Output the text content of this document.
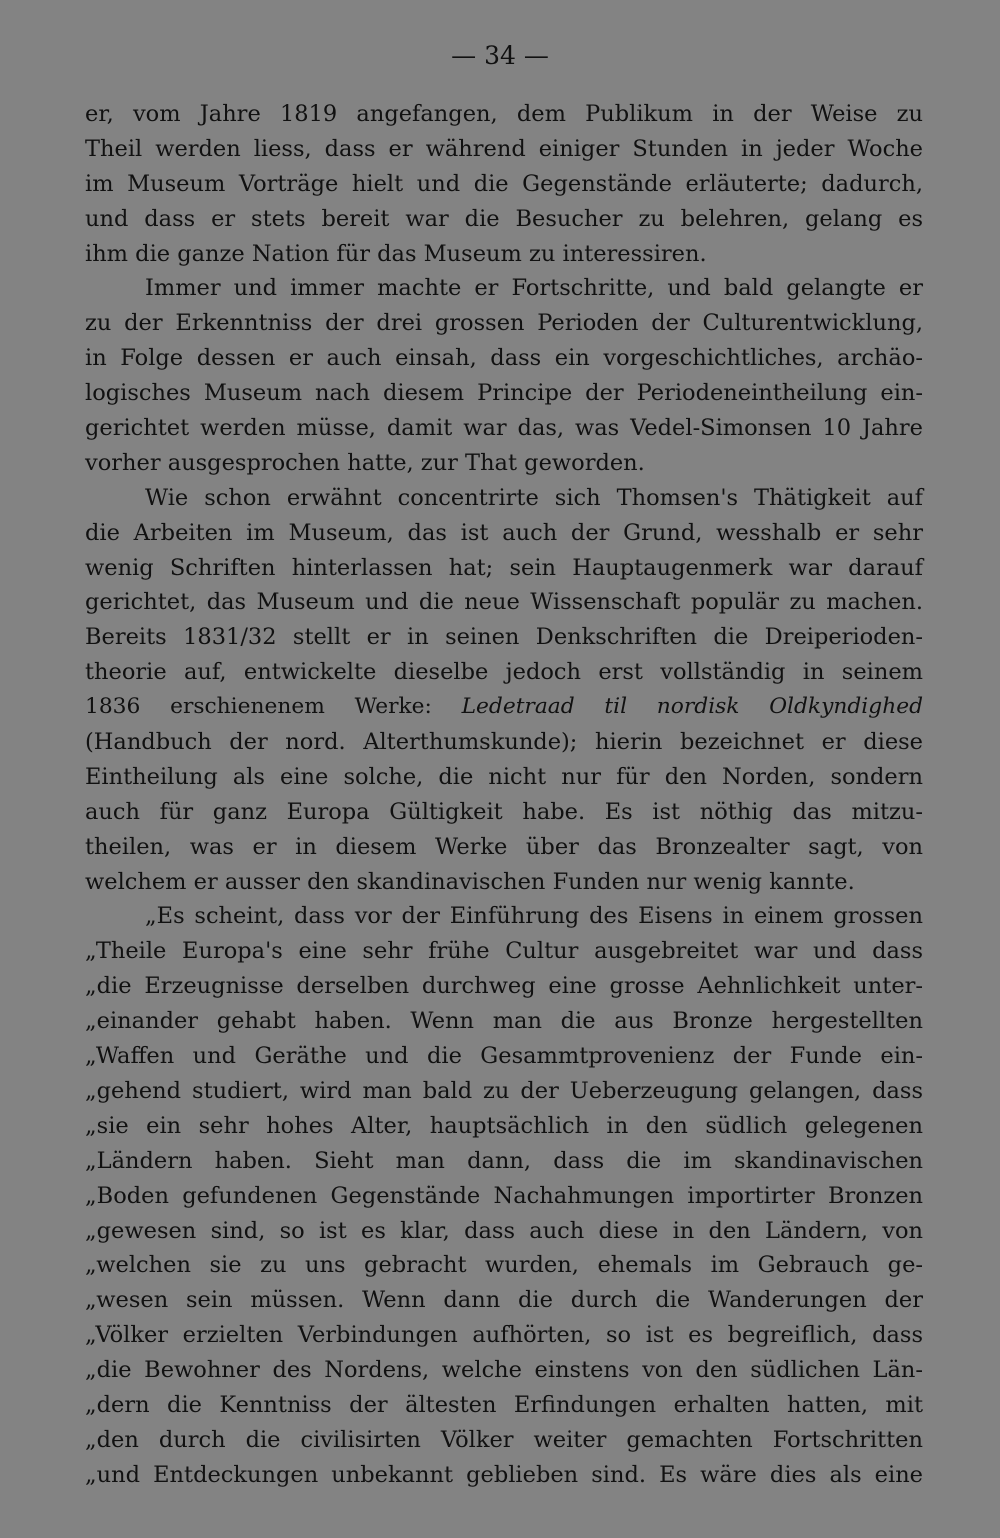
— 34 —
er, vom Jahre 1819 angefangen, dem Publikum in der Weise zu
Theil werden liess, dass er während einiger Stunden in jeder Woche
im Museum Vorträge hielt und die Gegenstände erläuterte; dadurch,
und dass er stets bereit war die Besucher zu belehren, gelang es
ihm die ganze Nation für das Museum zu interessiren.
Immer und immer machte er Fortschritte, und bald gelangte er
zu der Erkenntniss der drei grossen Perioden der Culturentwicklung,
in Folge dessen er auch einsah, dass ein vorgeschichtliches, archäo-
logisches Museum nach diesem Principe der Periodeneintheilung ein-
gerichtet werden müsse, damit war das, was Vedel-Simonsen 10 Jahre
vorher ausgesprochen hatte, zur That geworden.
Wie schon erwähnt concentrirte sich Thomsen's Thätigkeit auf
die Arbeiten im Museum, das ist auch der Grund, wesshalb er sehr
wenig Schriften hinterlassen hat; sein Hauptaugenmerk war darauf
gerichtet, das Museum und die neue Wissenschaft populär zu machen.
Bereits 1831/32 stellt er in seinen Denkschriften die Dreiperioden-
theorie auf, entwickelte dieselbe jedoch erst vollständig in seinem
1836 erschienenem Werke: Ledetraad til nordisk Oldkyndighed
(Handbuch der nord. Alterthumskunde); hierin bezeichnet er diese
Eintheilung als eine solche, die nicht nur für den Norden, sondern
auch für ganz Europa Gültigkeit habe. Es ist nöthig das mitzu-
theilen, was er in diesem Werke über das Bronzealter sagt, von
welchem er ausser den skandinavischen Funden nur wenig kannte.
„Es scheint, dass vor der Einführung des Eisens in einem grossen
„Theile Europa's eine sehr frühe Cultur ausgebreitet war und dass
„die Erzeugnisse derselben durchweg eine grosse Aehnlichkeit unter-
„einander gehabt haben. Wenn man die aus Bronze hergestellten
„Waffen und Geräthe und die Gesammtprovenienz der Funde ein-
„gehend studiert, wird man bald zu der Ueberzeugung gelangen, dass
„sie ein sehr hohes Alter, hauptsächlich in den südlich gelegenen
„Ländern haben. Sieht man dann, dass die im skandinavischen
„Boden gefundenen Gegenstände Nachahmungen importirter Bronzen
„gewesen sind, so ist es klar, dass auch diese in den Ländern, von
„welchen sie zu uns gebracht wurden, ehemals im Gebrauch ge-
„wesen sein müssen. Wenn dann die durch die Wanderungen der
„Völker erzielten Verbindungen aufhörten, so ist es begreiflich, dass
„die Bewohner des Nordens, welche einstens von den südlichen Län-
„dern die Kenntniss der ältesten Erfindungen erhalten hatten, mit
„den durch die civilisirten Völker weiter gemachten Fortschritten
„und Entdeckungen unbekannt geblieben sind. Es wäre dies als eine
